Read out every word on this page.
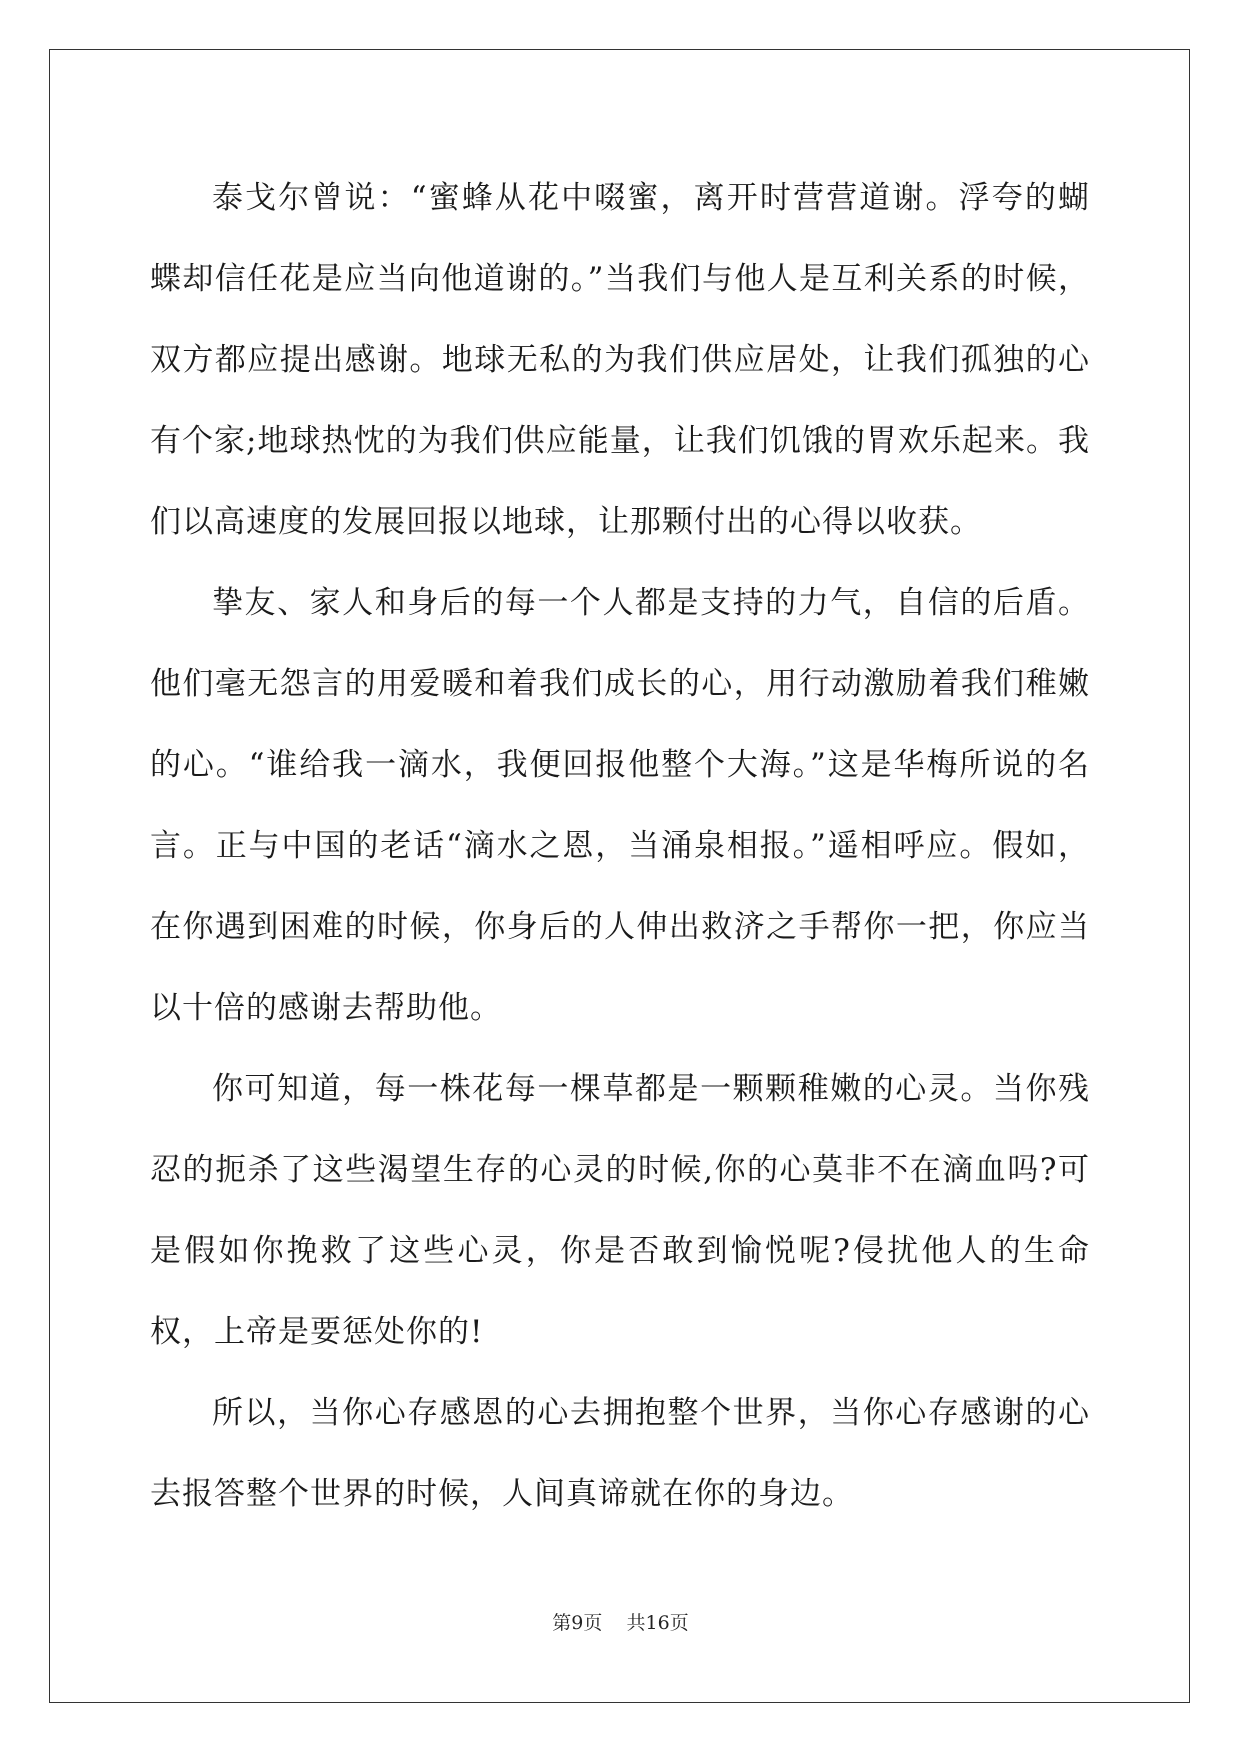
泰戈尔曾说：“蜜蜂从花中啜蜜，离开时营营道谢。浮夸的蝴蝶却信任花是应当向他道谢的。”当我们与他人是互利关系的时候，双方都应提出感谢。地球无私的为我们供应居处，让我们孤独的心有个家;地球热忱的为我们供应能量，让我们饥饿的胃欢乐起来。我们以高速度的发展回报以地球，让那颗付出的心得以收获。

挚友、家人和身后的每一个人都是支持的力气，自信的后盾。他们毫无怨言的用爱暖和着我们成长的心，用行动激励着我们稚嫩的心。“谁给我一滴水，我便回报他整个大海。”这是华梅所说的名言。正与中国的老话“滴水之恩，当涌泉相报。”遥相呼应。假如，在你遇到困难的时候，你身后的人伸出救济之手帮你一把，你应当以十倍的感谢去帮助他。

你可知道，每一株花每一棵草都是一颗颗稚嫩的心灵。当你残忍的扼杀了这些渴望生存的心灵的时候,你的心莫非不在滴血吗?可是假如你挽救了这些心灵，你是否敢到愉悦呢?侵扰他人的生命权，上帝是要惩处你的!

所以，当你心存感恩的心去拥抱整个世界，当你心存感谢的心去报答整个世界的时候，人间真谛就在你的身边。

第9页 共16页
